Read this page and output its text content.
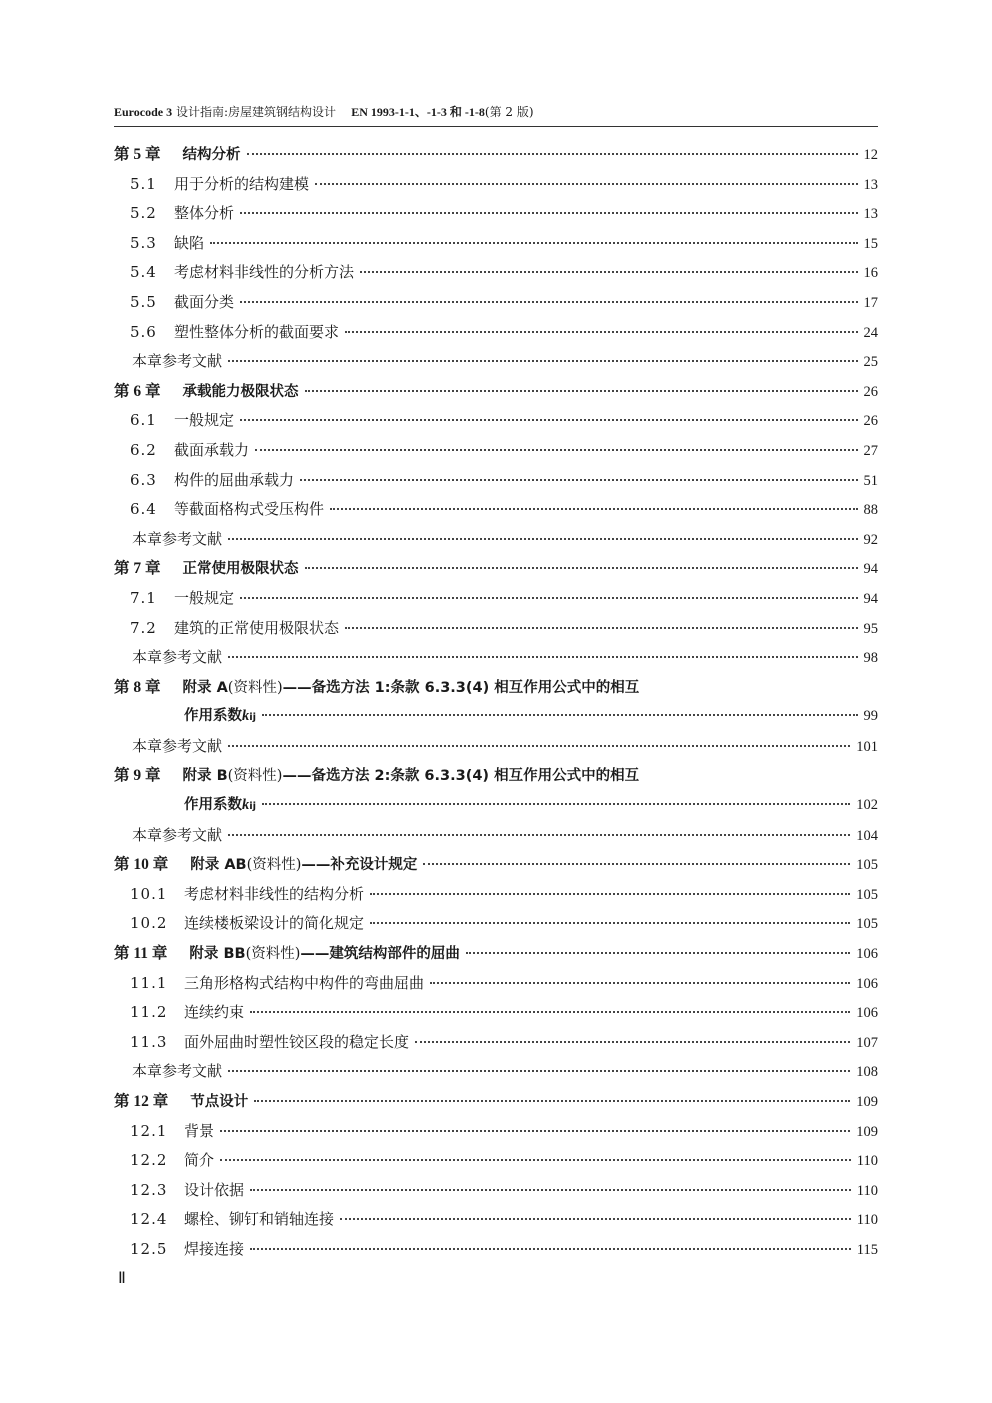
Eurocode 3 设计指南:房屋建筑钢结构设计 EN 1993-1-1、-1-3 和 -1-8(第 2 版)
第 5 章 结构分析	12
5.1	用于分析的结构建模	13
5.2	整体分析	13
5.3	缺陷	15
5.4	考虑材料非线性的分析方法	16
5.5	截面分类	17
5.6	塑性整体分析的截面要求	24
本章参考文献	25
第 6 章 承载能力极限状态	26
6.1	一般规定	26
6.2	截面承载力	27
6.3	构件的屈曲承载力	51
6.4	等截面格构式受压构件	88
本章参考文献	92
第 7 章 正常使用极限状态	94
7.1	一般规定	94
7.2	建筑的正常使用极限状态	95
本章参考文献	98
第 8 章 附录 A (资料性) ——备选方法 1:条款 6.3.3(4) 相互作用公式中的相互
作用系数 k ij	99
本章参考文献	101
第 9 章 附录 B (资料性) ——备选方法 2:条款 6.3.3(4) 相互作用公式中的相互
作用系数 k ij	102
本章参考文献	104
第 10 章 附录 AB (资料性) ——补充设计规定	105
10.1	考虑材料非线性的结构分析	105
10.2	连续楼板梁设计的简化规定	105
第 11 章 附录 BB (资料性) ——建筑结构部件的屈曲	106
11.1	三角形格构式结构中构件的弯曲屈曲	106
11.2	连续约束	106
11.3	面外屈曲时塑性铰区段的稳定长度	107
本章参考文献	108
第 12 章 节点设计	109
12.1	背景	109
12.2	简介	110
12.3	设计依据	110
12.4	螺栓、铆钉和销轴连接	110
12.5	焊接连接	115
Ⅱ
